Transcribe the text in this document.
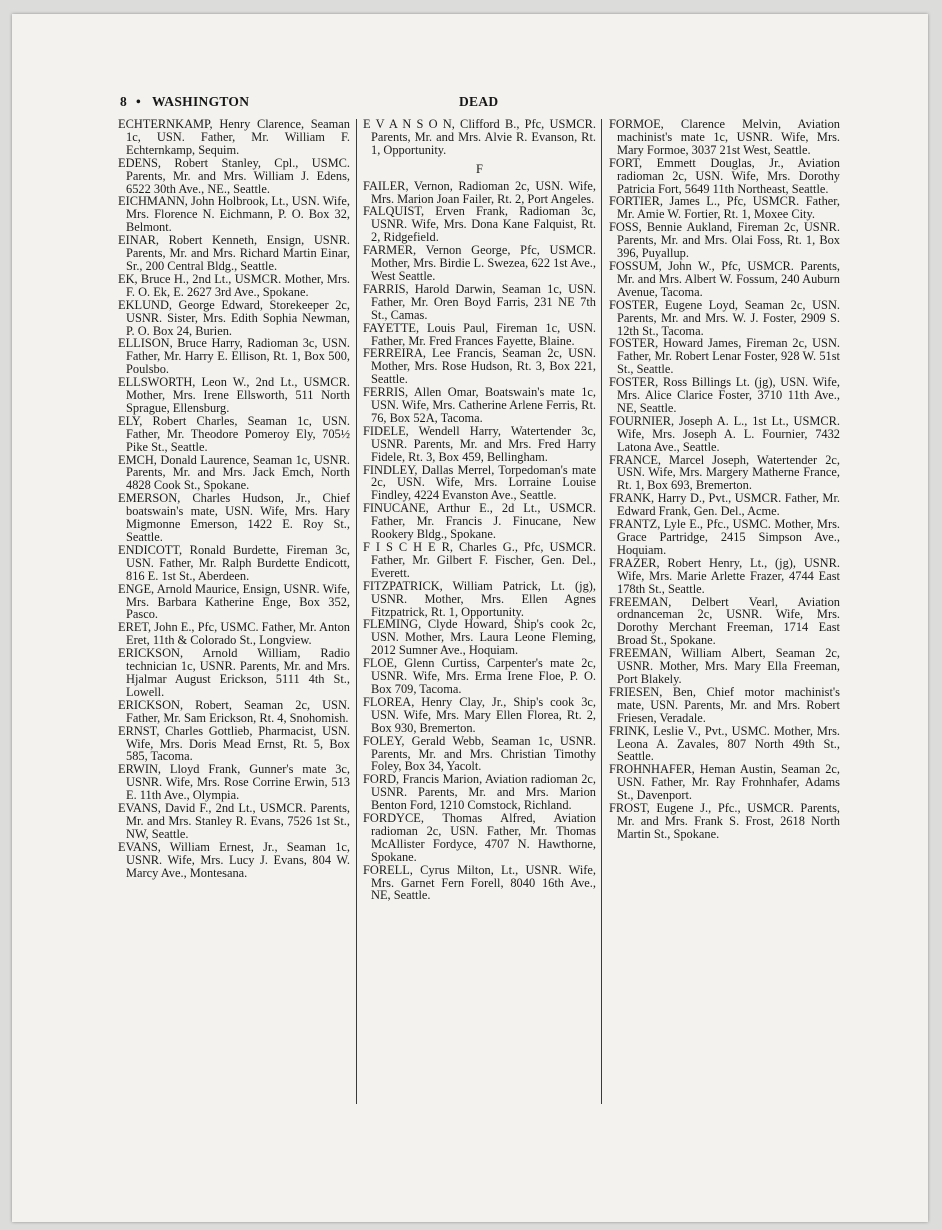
8 • WASHINGTON	DEAD

ECHTERNKAMP, Henry Clarence, Seaman 1c, USN. Father, Mr. William F. Echternkamp, Sequim.

EDENS, Robert Stanley, Cpl., USMC. Parents, Mr. and Mrs. William J. Edens, 6522 30th Ave., NE., Seattle.

EICHMANN, John Holbrook, Lt., USN. Wife, Mrs. Florence N. Eichmann, P. O. Box 32, Belmont.

EINAR, Robert Kenneth, Ensign, USNR. Parents, Mr. and Mrs. Richard Martin Einar, Sr., 200 Central Bldg., Seattle.

EK, Bruce H., 2nd Lt., USMCR. Mother, Mrs. F. O. Ek, E. 2627 3rd Ave., Spokane.

EKLUND, George Edward, Storekeeper 2c, USNR. Sister, Mrs. Edith Sophia Newman, P. O. Box 24, Burien.

ELLISON, Bruce Harry, Radioman 3c, USN. Father, Mr. Harry E. Ellison, Rt. 1, Box 500, Poulsbo.

ELLSWORTH, Leon W., 2nd Lt., USMCR. Mother, Mrs. Irene Ellsworth, 511 North Sprague, Ellensburg.

ELY, Robert Charles, Seaman 1c, USN. Father, Mr. Theodore Pomeroy Ely, 705½ Pike St., Seattle.

EMCH, Donald Laurence, Seaman 1c, USNR. Parents, Mr. and Mrs. Jack Emch, North 4828 Cook St., Spokane.

EMERSON, Charles Hudson, Jr., Chief boatswain's mate, USN. Wife, Mrs. Hary Migmonne Emerson, 1422 E. Roy St., Seattle.

ENDICOTT, Ronald Burdette, Fireman 3c, USN. Father, Mr. Ralph Burdette Endicott, 816 E. 1st St., Aberdeen.

ENGE, Arnold Maurice, Ensign, USNR. Wife, Mrs. Barbara Katherine Enge, Box 352, Pasco.

ERET, John E., Pfc, USMC. Father, Mr. Anton Eret, 11th & Colorado St., Longview.

ERICKSON, Arnold William, Radio technician 1c, USNR. Parents, Mr. and Mrs. Hjalmar August Erickson, 5111 4th St., Lowell.

ERICKSON, Robert, Seaman 2c, USN. Father, Mr. Sam Erickson, Rt. 4, Snohomish.

ERNST, Charles Gottlieb, Pharmacist, USN. Wife, Mrs. Doris Mead Ernst, Rt. 5, Box 585, Tacoma.

ERWIN, Lloyd Frank, Gunner's mate 3c, USNR. Wife, Mrs. Rose Corrine Erwin, 513 E. 11th Ave., Olympia.

EVANS, David F., 2nd Lt., USMCR. Parents, Mr. and Mrs. Stanley R. Evans, 7526 1st St., NW, Seattle.

EVANS, William Ernest, Jr., Seaman 1c, USNR. Wife, Mrs. Lucy J. Evans, 804 W. Marcy Ave., Montesana.

E V A N S O N, Clifford B., Pfc, USMCR. Parents, Mr. and Mrs. Alvie R. Evanson, Rt. 1, Opportunity.

F

FAILER, Vernon, Radioman 2c, USN. Wife, Mrs. Marion Joan Failer, Rt. 2, Port Angeles.

FALQUIST, Erven Frank, Radioman 3c, USNR. Wife, Mrs. Dona Kane Falquist, Rt. 2, Ridgefield.

FARMER, Vernon George, Pfc, USMCR. Mother, Mrs. Birdie L. Swezea, 622 1st Ave., West Seattle.

FARRIS, Harold Darwin, Seaman 1c, USN. Father, Mr. Oren Boyd Farris, 231 NE 7th St., Camas.

FAYETTE, Louis Paul, Fireman 1c, USN. Father, Mr. Fred Frances Fayette, Blaine.

FERREIRA, Lee Francis, Seaman 2c, USN. Mother, Mrs. Rose Hudson, Rt. 3, Box 221, Seattle.

FERRIS, Allen Omar, Boatswain's mate 1c, USN. Wife, Mrs. Catherine Arlene Ferris, Rt. 76, Box 52A, Tacoma.

FIDELE, Wendell Harry, Watertender 3c, USNR. Parents, Mr. and Mrs. Fred Harry Fidele, Rt. 3, Box 459, Bellingham.

FINDLEY, Dallas Merrel, Torpedoman's mate 2c, USN. Wife, Mrs. Lorraine Louise Findley, 4224 Evanston Ave., Seattle.

FINUCANE, Arthur E., 2d Lt., USMCR. Father, Mr. Francis J. Finucane, New Rookery Bldg., Spokane.

F I S C H E R, Charles G., Pfc, USMCR. Father, Mr. Gilbert F. Fischer, Gen. Del., Everett.

FITZPATRICK, William Patrick, Lt. (jg), USNR. Mother, Mrs. Ellen Agnes Fitzpatrick, Rt. 1, Opportunity.

FLEMING, Clyde Howard, Ship's cook 2c, USN. Mother, Mrs. Laura Leone Fleming, 2012 Sumner Ave., Hoquiam.

FLOE, Glenn Curtiss, Carpenter's mate 2c, USNR. Wife, Mrs. Erma Irene Floe, P. O. Box 709, Tacoma.

FLOREA, Henry Clay, Jr., Ship's cook 3c, USN. Wife, Mrs. Mary Ellen Florea, Rt. 2, Box 930, Bremerton.

FOLEY, Gerald Webb, Seaman 1c, USNR. Parents, Mr. and Mrs. Christian Timothy Foley, Box 34, Yacolt.

FORD, Francis Marion, Aviation radioman 2c, USNR. Parents, Mr. and Mrs. Marion Benton Ford, 1210 Comstock, Richland.

FORDYCE, Thomas Alfred, Aviation radioman 2c, USN. Father, Mr. Thomas McAllister Fordyce, 4707 N. Hawthorne, Spokane.

FORELL, Cyrus Milton, Lt., USNR. Wife, Mrs. Garnet Fern Forell, 8040 16th Ave., NE, Seattle.

FORMOE, Clarence Melvin, Aviation machinist's mate 1c, USNR. Wife, Mrs. Mary Formoe, 3037 21st West, Seattle.

FORT, Emmett Douglas, Jr., Aviation radioman 2c, USN. Wife, Mrs. Dorothy Patricia Fort, 5649 11th Northeast, Seattle.

FORTIER, James L., Pfc, USMCR. Father, Mr. Amie W. Fortier, Rt. 1, Moxee City.

FOSS, Bennie Aukland, Fireman 2c, USNR. Parents, Mr. and Mrs. Olai Foss, Rt. 1, Box 396, Puyallup.

FOSSUM, John W., Pfc, USMCR. Parents, Mr. and Mrs. Albert W. Fossum, 240 Auburn Avenue, Tacoma.

FOSTER, Eugene Loyd, Seaman 2c, USN. Parents, Mr. and Mrs. W. J. Foster, 2909 S. 12th St., Tacoma.

FOSTER, Howard James, Fireman 2c, USN. Father, Mr. Robert Lenar Foster, 928 W. 51st St., Seattle.

FOSTER, Ross Billings Lt. (jg), USN. Wife, Mrs. Alice Clarice Foster, 3710 11th Ave., NE, Seattle.

FOURNIER, Joseph A. L., 1st Lt., USMCR. Wife, Mrs. Joseph A. L. Fournier, 7432 Latona Ave., Seattle.

FRANCE, Marcel Joseph, Watertender 2c, USN. Wife, Mrs. Margery Matherne France, Rt. 1, Box 693, Bremerton.

FRANK, Harry D., Pvt., USMCR. Father, Mr. Edward Frank, Gen. Del., Acme.

FRANTZ, Lyle E., Pfc., USMC. Mother, Mrs. Grace Partridge, 2415 Simpson Ave., Hoquiam.

FRAZER, Robert Henry, Lt., (jg), USNR. Wife, Mrs. Marie Arlette Frazer, 4744 East 178th St., Seattle.

FREEMAN, Delbert Vearl, Aviation ordnanceman 2c, USNR. Wife, Mrs. Dorothy Merchant Freeman, 1714 East Broad St., Spokane.

FREEMAN, William Albert, Seaman 2c, USNR. Mother, Mrs. Mary Ella Freeman, Port Blakely.

FRIESEN, Ben, Chief motor machinist's mate, USN. Parents, Mr. and Mrs. Robert Friesen, Veradale.

FRINK, Leslie V., Pvt., USMC. Mother, Mrs. Leona A. Zavales, 807 North 49th St., Seattle.

FROHNHAFER, Heman Austin, Seaman 2c, USN. Father, Mr. Ray Frohnhafer, Adams St., Davenport.

FROST, Eugene J., Pfc., USMCR. Parents, Mr. and Mrs. Frank S. Frost, 2618 North Martin St., Spokane.
